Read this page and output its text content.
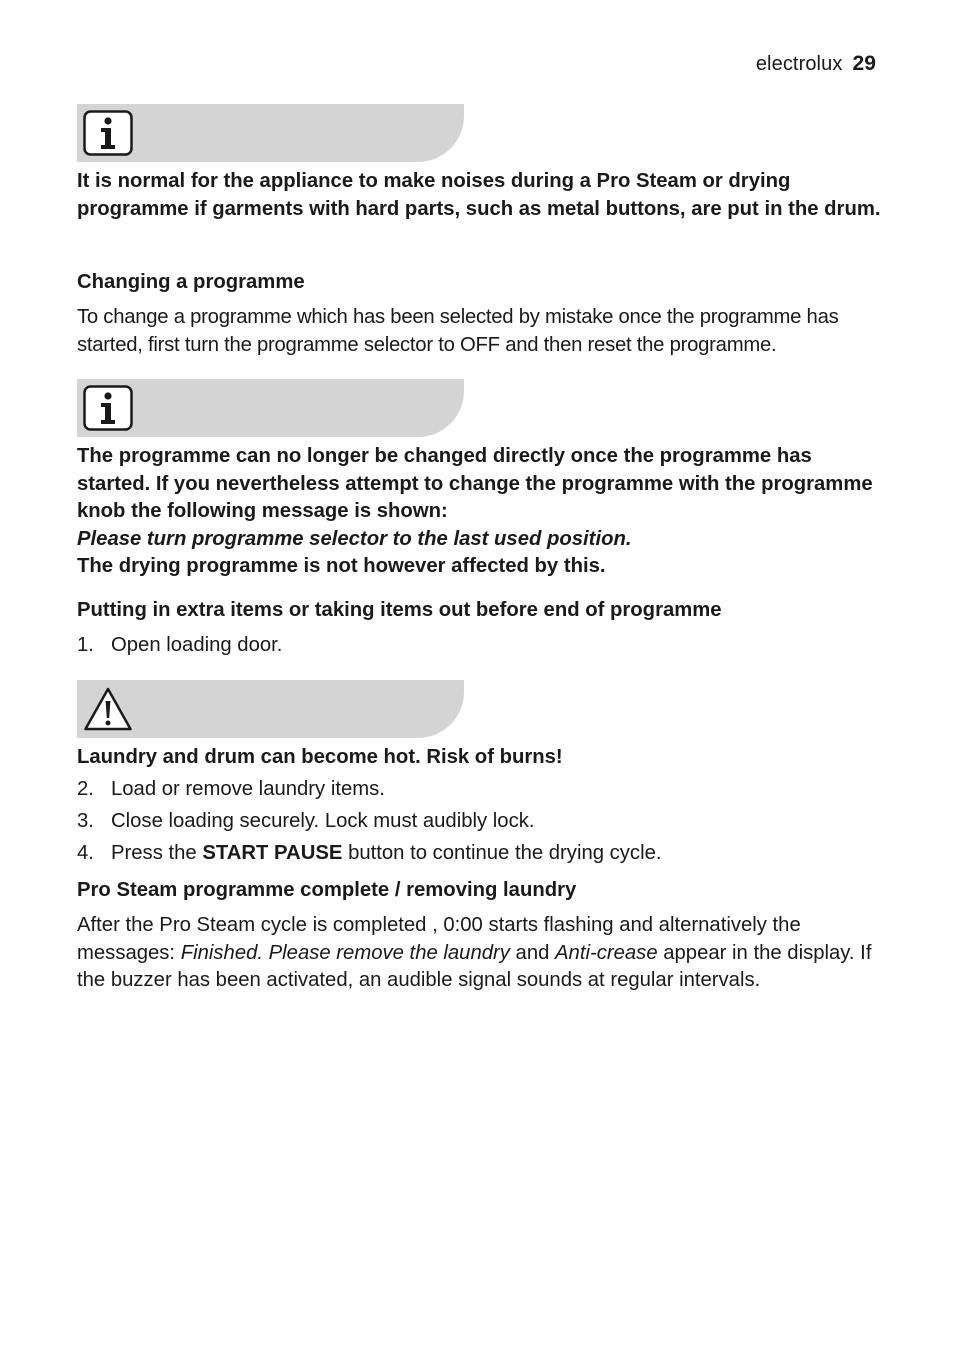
electrolux 29

It is normal for the appliance to make noises during a Pro Steam or drying programme if garments with hard parts, such as metal buttons, are put in the drum.

Changing a programme

To change a programme which has been selected by mistake once the programme has started, first turn the programme selector to OFF and then reset the programme.

The programme can no longer be changed directly once the programme has started. If you nevertheless attempt to change the programme with the programme knob the following message is shown:
Please turn programme selector to the last used position.
The drying programme is not however affected by this.

Putting in extra items or taking items out before end of programme

1. Open loading door.

Laundry and drum can become hot. Risk of burns!

2. Load or remove laundry items.

3. Close loading securely. Lock must audibly lock.

4. Press the START PAUSE button to continue the drying cycle.

Pro Steam programme complete / removing laundry

After the Pro Steam cycle is completed , 0:00 starts flashing and alternatively the messages: Finished. Please remove the laundry and Anti-crease appear in the display. If the buzzer has been activated, an audible signal sounds at regular intervals.
